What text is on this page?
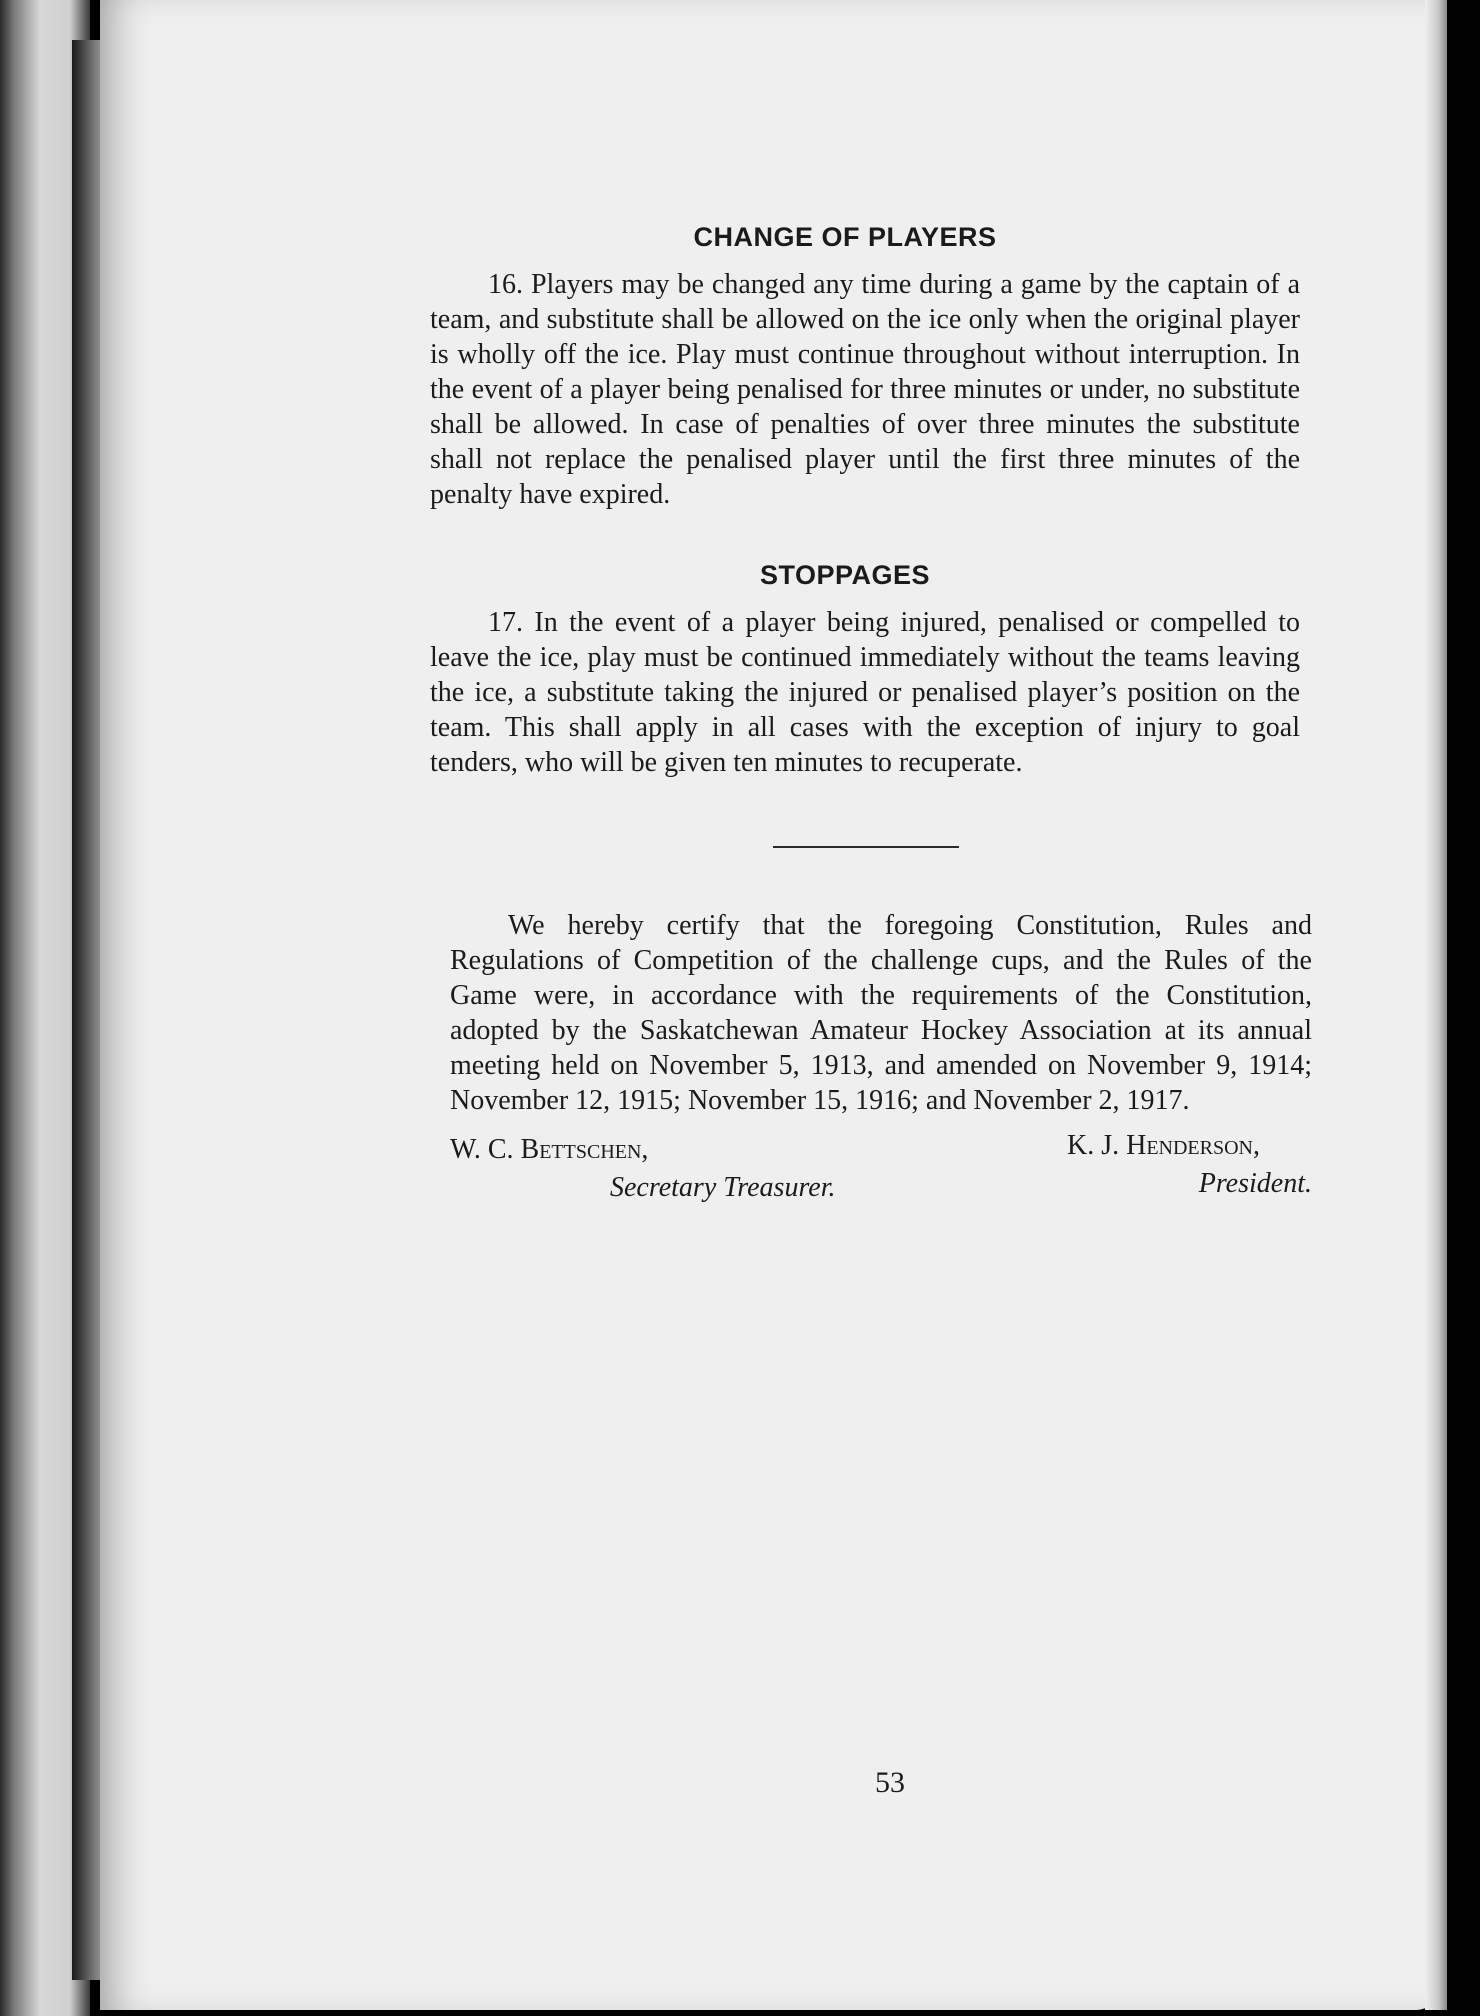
CHANGE OF PLAYERS

16. Players may be changed any time during a game by the captain of a team, and substitute shall be allowed on the ice only when the original player is wholly off the ice. Play must continue throughout without interruption. In the event of a player being penalised for three minutes or under, no substitute shall be allowed. In case of penalties of over three minutes the substitute shall not replace the penalised player until the first three minutes of the penalty have expired.

STOPPAGES

17. In the event of a player being injured, penalised or compelled to leave the ice, play must be continued immediately without the teams leaving the ice, a substitute taking the injured or penalised player’s position on the team. This shall apply in all cases with the exception of injury to goal tenders, who will be given ten minutes to recuperate.

We hereby certify that the foregoing Constitution, Rules and Regulations of Competition of the challenge cups, and the Rules of the Game were, in accordance with the requirements of the Constitution, adopted by the Saskatchewan Amateur Hockey Association at its annual meeting held on November 5, 1913, and amended on November 9, 1914; November 12, 1915; November 15, 1916; and November 2, 1917.

W. C. Bettschen,
Secretary Treasurer.
K. J. Henderson,
President.
53
